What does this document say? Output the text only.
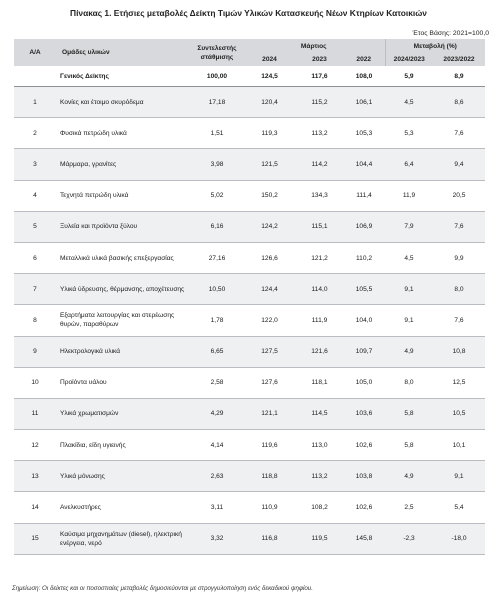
Πίνακας 1. Ετήσιες μεταβολές Δείκτη Τιμών Υλικών Κατασκευής Νέων Κτηρίων Κατοικιών
Έτος Βάσης: 2021=100,0
Α/Α	Ομάδες υλικών	Συντελεστής στάθμισης	Μάρτιος			Μεταβολή (%)	
			2024	2023	2022	2024/2023	2023/2022
	Γενικός Δείκτης	100,00	124,5	117,6	108,0	5,9	8,9
1	Κονίες και έτοιμο σκυρόδεμα	17,18	120,4	115,2	106,1	4,5	8,6
2	Φυσικά πετρώδη υλικά	1,51	119,3	113,2	105,3	5,3	7,6
3	Μάρμαρα, γρανίτες	3,98	121,5	114,2	104,4	6,4	9,4
4	Τεχνητά πετρώδη υλικά	5,02	150,2	134,3	111,4	11,9	20,5
5	Ξυλεία και προϊόντα ξύλου	6,16	124,2	115,1	106,9	7,9	7,6
6	Μεταλλικά υλικά βασικής επεξεργασίας	27,16	126,6	121,2	110,2	4,5	9,9
7	Υλικά ύδρευσης, θέρμανσης, αποχέτευσης	10,50	124,4	114,0	105,5	9,1	8,0
8	Εξαρτήματα λειτουργίας και στερέωσης θυρών, παραθύρων	1,78	122,0	111,9	104,0	9,1	7,6
9	Ηλεκτρολογικά υλικά	6,65	127,5	121,6	109,7	4,9	10,8
10	Προϊόντα υάλου	2,58	127,6	118,1	105,0	8,0	12,5
11	Υλικά χρωματισμών	4,29	121,1	114,5	103,6	5,8	10,5
12	Πλακίδια, είδη υγιεινής	4,14	119,6	113,0	102,6	5,8	10,1
13	Υλικά μόνωσης	2,63	118,8	113,2	103,8	4,9	9,1
14	Ανελκυστήρες	3,11	110,9	108,2	102,6	2,5	5,4
15	Καύσιμα μηχανημάτων (diesel), ηλεκτρική ενέργεια, νερό	3,32	116,8	119,5	145,8	-2,3	-18,0
Σημείωση: Οι δείκτες και οι ποσοστιαίες μεταβολές δημοσιεύονται με στρογγυλοποίηση ενός δεκαδικού ψηφίου.
